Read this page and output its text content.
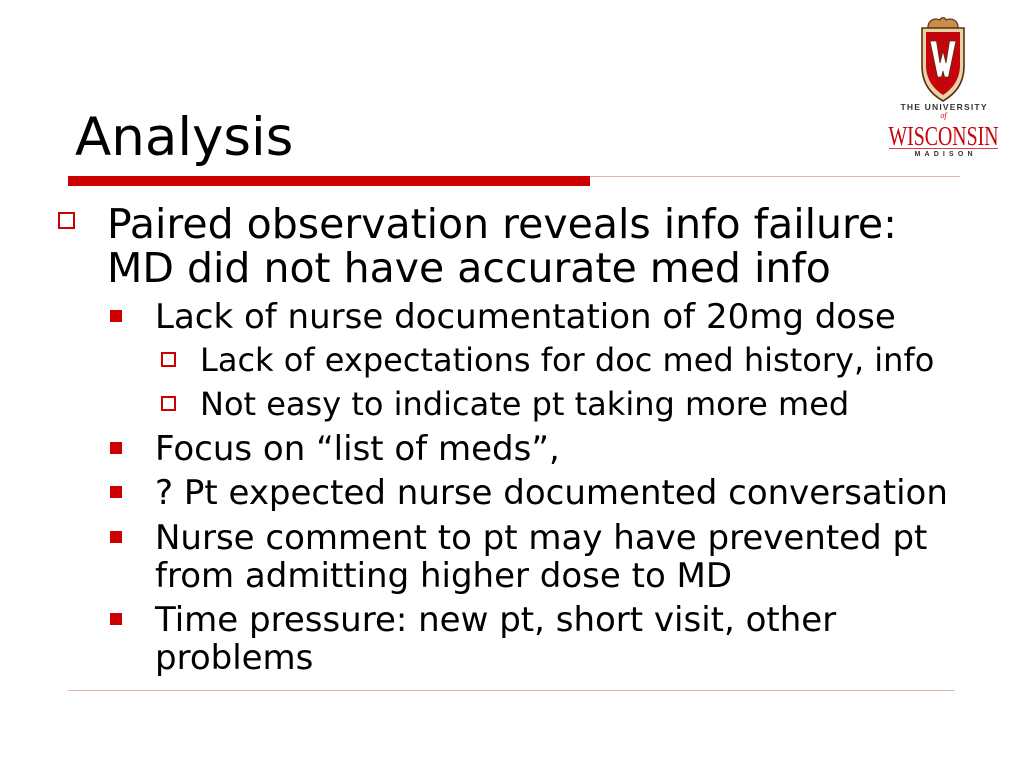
Analysis	THE UNIVERSITY
of
WISCONSIN
MADISON
Paired observation reveals info failure: MD did not have accurate med info
Lack of nurse documentation of 20mg dose
Lack of expectations for doc med history, info
Not easy to indicate pt taking more med
Focus on “list of meds”,
? Pt expected nurse documented conversation
Nurse comment to pt may have prevented pt from admitting higher dose to MD
Time pressure: new pt, short visit, other problems
